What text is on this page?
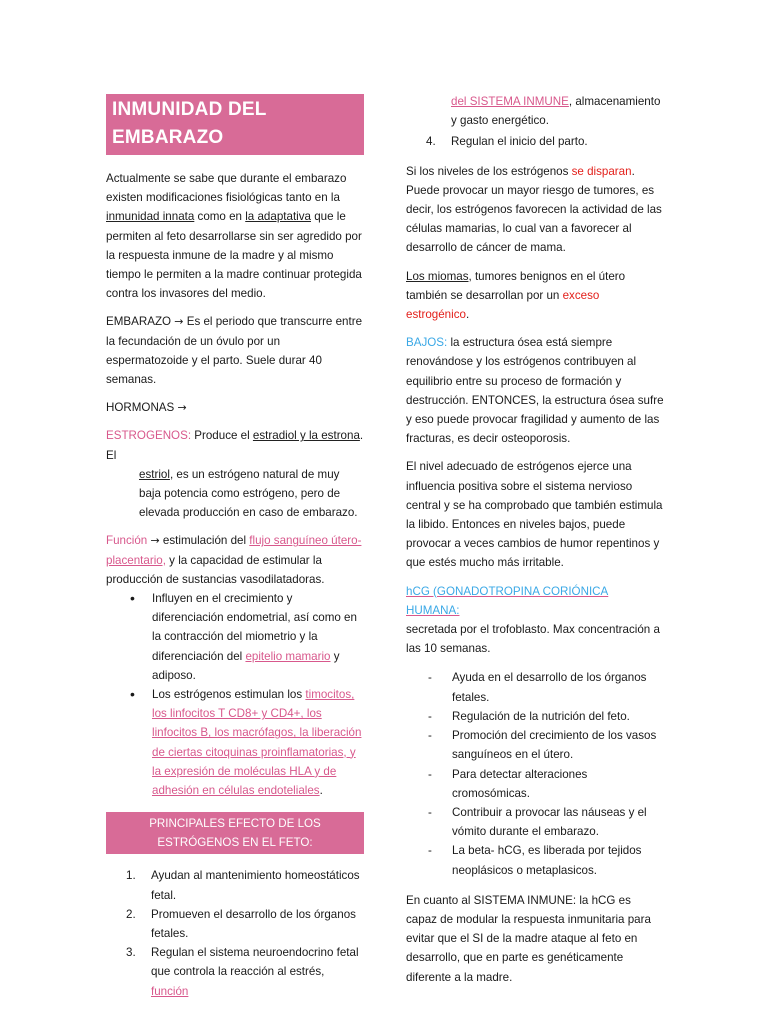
INMUNIDAD DEL EMBARAZO

Actualmente se sabe que durante el embarazo existen modificaciones fisiológicas tanto en la inmunidad innata como en la adaptativa que le permiten al feto desarrollarse sin ser agredido por la respuesta inmune de la madre y al mismo tiempo le permiten a la madre continuar protegida contra los invasores del medio.

EMBARAZO → Es el periodo que transcurre entre la fecundación de un óvulo por un espermatozoide y el parto. Suele durar 40 semanas.

HORMONAS →

ESTROGENOS: Produce el estradiol y la estrona. El

estriol, es un estrógeno natural de muy baja potencia como estrógeno, pero de elevada producción en caso de embarazo.

Función → estimulación del flujo sanguíneo útero-placentario, y la capacidad de estimular la producción de sustancias vasodilatadoras.

• Influyen en el crecimiento y diferenciación endometrial, así como en la contracción del miometrio y la diferenciación del epitelio mamario y adiposo.
• Los estrógenos estimulan los timocitos, los linfocitos T CD8+ y CD4+, los linfocitos B, los macrófagos, la liberación de ciertas citoquinas proinflamatorias, y la expresión de moléculas HLA y de adhesión en células endoteliales.
PRINCIPALES EFECTO DE LOS ESTRÓGENOS EN EL FETO:
1. Ayudan al mantenimiento homeostáticos fetal.
2. Promueven el desarrollo de los órganos fetales.
3. Regulan el sistema neuroendocrino fetal que controla la reacción al estrés, función
del SISTEMA INMUNE, almacenamiento y gasto energético.
4. Regulan el inicio del parto.

Si los niveles de los estrógenos se disparan. Puede provocar un mayor riesgo de tumores, es decir, los estrógenos favorecen la actividad de las células mamarias, lo cual van a favorecer al desarrollo de cáncer de mama.

Los miomas, tumores benignos en el útero también se desarrollan por un exceso estrogénico.

BAJOS: la estructura ósea está siempre renovándose y los estrógenos contribuyen al equilibrio entre su proceso de formación y destrucción. ENTONCES, la estructura ósea sufre y eso puede provocar fragilidad y aumento de las fracturas, es decir osteoporosis.

El nivel adecuado de estrógenos ejerce una influencia positiva sobre el sistema nervioso central y se ha comprobado que también estimula la libido. Entonces en niveles bajos, puede provocar a veces cambios de humor repentinos y que estés mucho más irritable.

hCG (GONADOTROPINA CORIÓNICA HUMANA:

secretada por el trofoblasto. Max concentración a las 10 semanas.

- Ayuda en el desarrollo de los órganos fetales.
- Regulación de la nutrición del feto.
- Promoción del crecimiento de los vasos sanguíneos en el útero.
- Para detectar alteraciones cromosómicas.
- Contribuir a provocar las náuseas y el vómito durante el embarazo.
- La beta- hCG, es liberada por tejidos neoplásicos o metaplasicos.

En cuanto al SISTEMA INMUNE: la hCG es capaz de modular la respuesta inmunitaria para evitar que el SI de la madre ataque al feto en desarrollo, que en parte es genéticamente diferente a la madre.
